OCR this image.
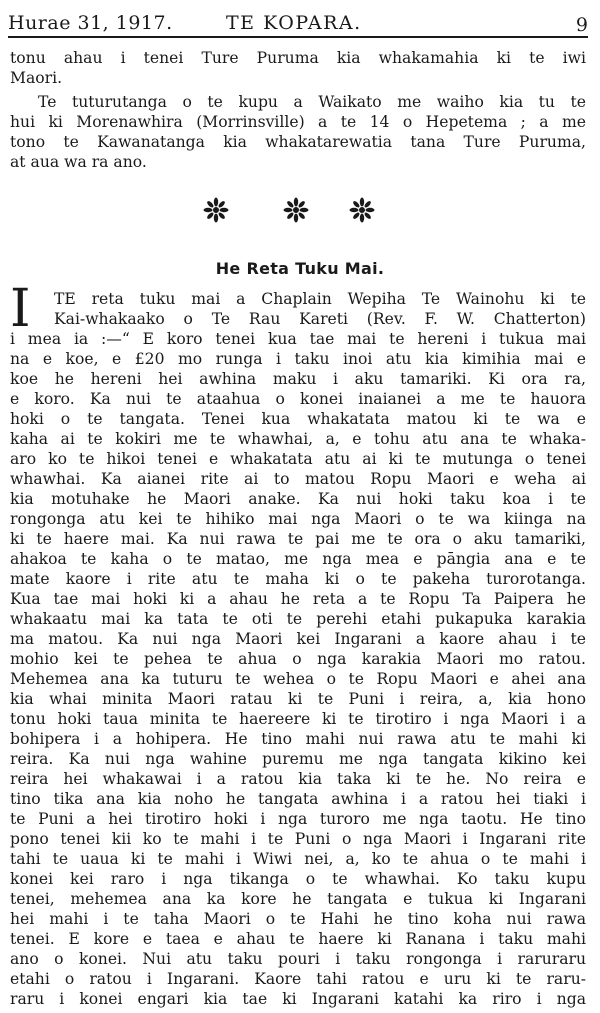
Hurae 31, 1917.	TE KOPARA.	9
tonu ahau i tenei Ture Puruma kia whakamahia ki te iwi
Maori.
Te tuturutanga o te kupu a Waikato me waiho kia tu te
hui ki Morenawhira (Morrinsville) a te 14 o Hepetema ; a me
tono te Kawanatanga kia whakatarewatia tana Ture Puruma,
at aua wa ra ano.
He Reta Tuku Mai.
I TE reta tuku mai a Chaplain Wepiha Te Wainohu ki te
Kai-whakaako o Te Rau Kareti (Rev. F. W. Chatterton)
i mea ia :—“ E koro tenei kua tae mai te hereni i tukua mai
na e koe, e £20 mo runga i taku inoi atu kia kimihia mai e
koe he hereni hei awhina maku i aku tamariki. Ki ora ra,
e koro. Ka nui te ataahua o konei inaianei a me te hauora
hoki o te tangata. Tenei kua whakatata matou ki te wa e
kaha ai te kokiri me te whawhai, a, e tohu atu ana te whaka-
aro ko te hikoi tenei e whakatata atu ai ki te mutunga o tenei
whawhai. Ka aianei rite ai to matou Ropu Maori e weha ai
kia motuhake he Maori anake. Ka nui hoki taku koa i te
rongonga atu kei te hihiko mai nga Maori o te wa kiinga na
ki te haere mai. Ka nui rawa te pai me te ora o aku tamariki,
ahakoa te kaha o te matao, me nga mea e pāngia ana e te
mate kaore i rite atu te maha ki o te pakeha turorotanga.
Kua tae mai hoki ki a ahau he reta a te Ropu Ta Paipera he
whakaatu mai ka tata te oti te perehi etahi pukapuka karakia
ma matou. Ka nui nga Maori kei Ingarani a kaore ahau i te
mohio kei te pehea te ahua o nga karakia Maori mo ratou.
Mehemea ana ka tuturu te wehea o te Ropu Maori e ahei ana
kia whai minita Maori ratau ki te Puni i reira, a, kia hono
tonu hoki taua minita te haereere ki te tirotiro i nga Maori i a
bohipera i a hohipera. He tino mahi nui rawa atu te mahi ki
reira. Ka nui nga wahine puremu me nga tangata kikino kei
reira hei whakawai i a ratou kia taka ki te he. No reira e
tino tika ana kia noho he tangata awhina i a ratou hei tiaki i
te Puni a hei tirotiro hoki i nga turoro me nga taotu. He tino
pono tenei kii ko te mahi i te Puni o nga Maori i Ingarani rite
tahi te uaua ki te mahi i Wiwi nei, a, ko te ahua o te mahi i
konei kei raro i nga tikanga o te whawhai. Ko taku kupu
tenei, mehemea ana ka kore he tangata e tukua ki Ingarani
hei mahi i te taha Maori o te Hahi he tino koha nui rawa
tenei. E kore e taea e ahau te haere ki Ranana i taku mahi
ano o konei. Nui atu taku pouri i taku rongonga i raruraru
etahi o ratou i Ingarani. Kaore tahi ratou e uru ki te raru-
raru i konei engari kia tae ki Ingarani katahi ka riro i nga
